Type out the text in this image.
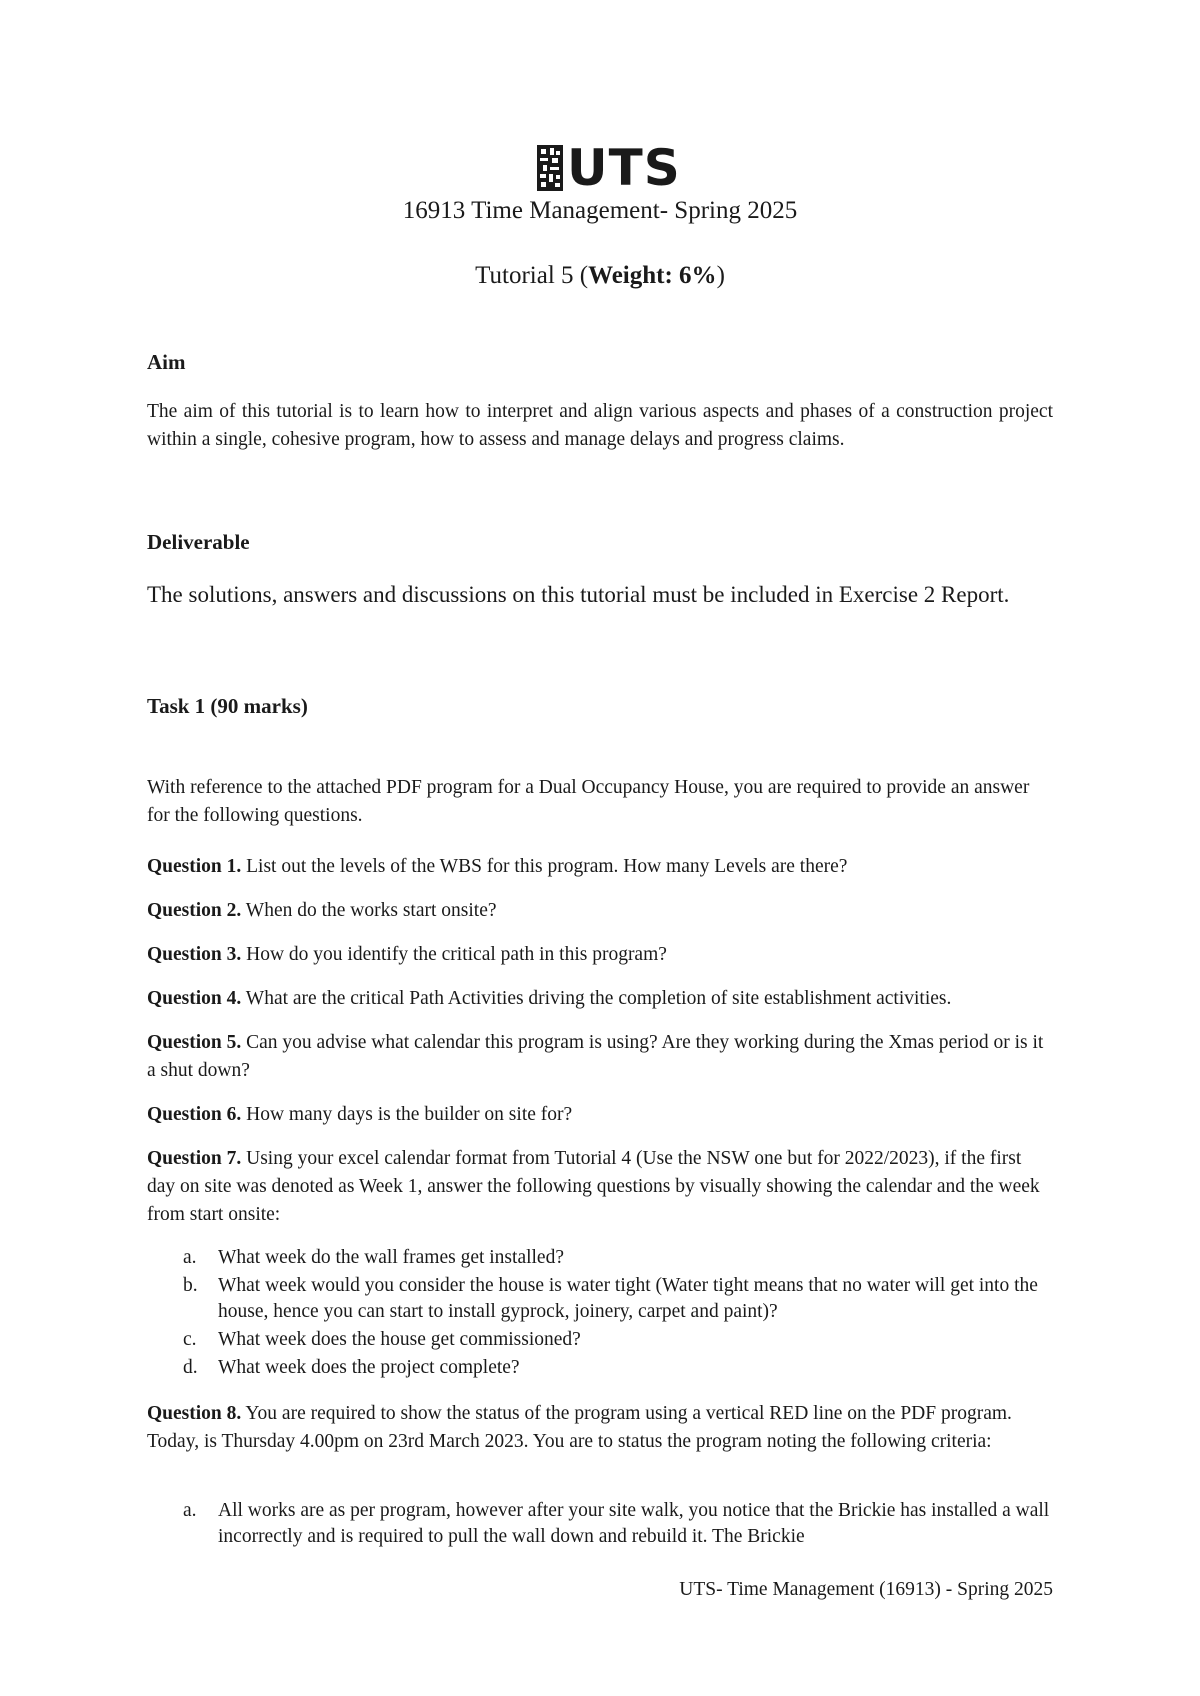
UTS
16913 Time Management- Spring 2025
Tutorial 5 (Weight: 6%)

Aim

The aim of this tutorial is to learn how to interpret and align various aspects and phases of a construction project within a single, cohesive program, how to assess and manage delays and progress claims.

Deliverable

The solutions, answers and discussions on this tutorial must be included in Exercise 2 Report.

Task 1 (90 marks)

With reference to the attached PDF program for a Dual Occupancy House, you are required to provide an answer for the following questions.

Question 1. List out the levels of the WBS for this program. How many Levels are there?

Question 2. When do the works start onsite?

Question 3. How do you identify the critical path in this program?

Question 4. What are the critical Path Activities driving the completion of site establishment activities.

Question 5. Can you advise what calendar this program is using? Are they working during the Xmas period or is it a shut down?

Question 6. How many days is the builder on site for?

Question 7. Using your excel calendar format from Tutorial 4 (Use the NSW one but for 2022/2023), if the first day on site was denoted as Week 1, answer the following questions by visually showing the calendar and the week from start onsite:

a. What week do the wall frames get installed?
b. What week would you consider the house is water tight (Water tight means that no water will get into the house, hence you can start to install gyprock, joinery, carpet and paint)?
c. What week does the house get commissioned?
d. What week does the project complete?

Question 8. You are required to show the status of the program using a vertical RED line on the PDF program. Today, is Thursday 4.00pm on 23rd March 2023. You are to status the program noting the following criteria:

a. All works are as per program, however after your site walk, you notice that the Brickie has installed a wall incorrectly and is required to pull the wall down and rebuild it. The Brickie
UTS- Time Management (16913) - Spring 2025
